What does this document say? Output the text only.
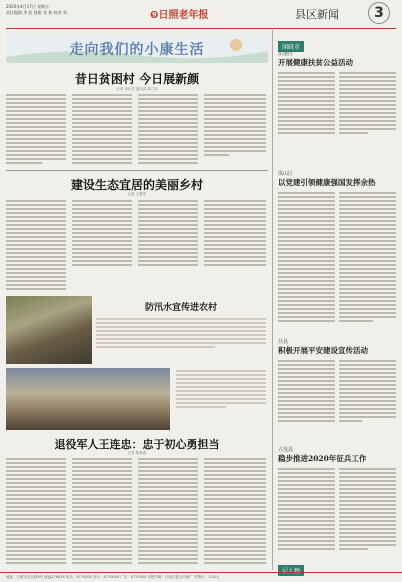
2020年4月17日 星期五
责任编辑 齐 虹 排版 张 栋 校对 刘	❾日照老年报	县区新闻	3
走向我们的小康生活
昔日贫困村 今日展新颜
记者 刘长清 通讯员 陈立东
建设生态宜居的美丽乡村
记者 王献军
防汛水宜传进农村
退役军人王连忠：忠于初心勇担当
记者 陈再海
闻晓市
东港区
开展健康扶贫公益活动
岚山区
以党建引领健康强国发挥余热
莒县
积极开展平安建设宣传活动
五莲县
稳步推进2020年征兵工作
层人物
地址：日照市北京路8号 邮编276826 电话：8770000 发行：8770000 广告：8770000 本报印刷：日照日报社印刷厂 零售价：1.00元
